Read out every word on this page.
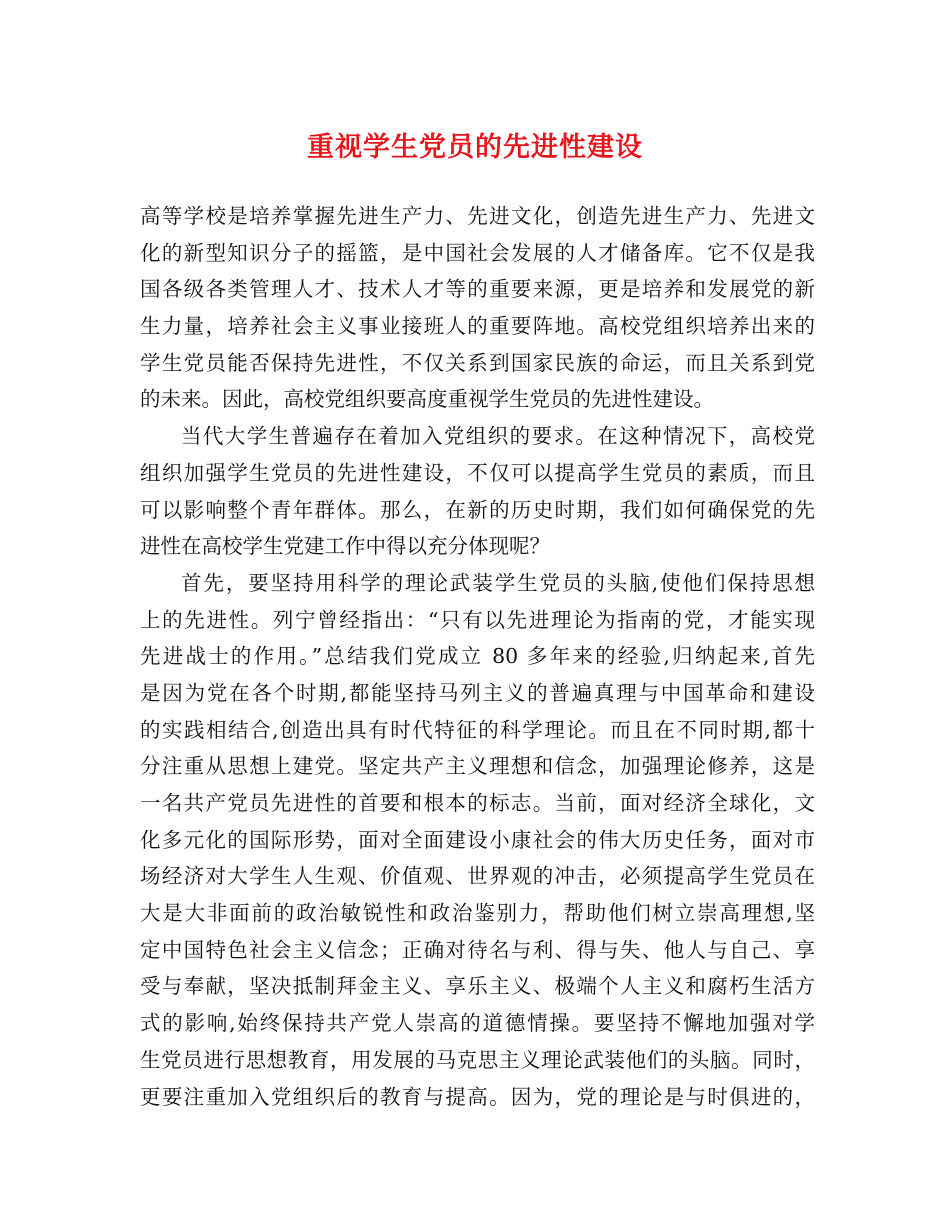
重视学生党员的先进性建设
高等学校是培养掌握先进生产力、先进文化，创造先进生产力、先进文
化的新型知识分子的摇篮，是中国社会发展的人才储备库。它不仅是我
国各级各类管理人才、技术人才等的重要来源，更是培养和发展党的新
生力量，培养社会主义事业接班人的重要阵地。高校党组织培养出来的
学生党员能否保持先进性，不仅关系到国家民族的命运，而且关系到党
的未来。因此，高校党组织要高度重视学生党员的先进性建设。
当代大学生普遍存在着加入党组织的要求。在这种情况下，高校党
组织加强学生党员的先进性建设，不仅可以提高学生党员的素质，而且
可以影响整个青年群体。那么，在新的历史时期，我们如何确保党的先
进性在高校学生党建工作中得以充分体现呢？
首先，要坚持用科学的理论武装学生党员的头脑,使他们保持思想
上的先进性。列宁曾经指出：“只有以先进理论为指南的党，才能实现
先进战士的作用。”总结我们党成立 80 多年来的经验,归纳起来,首先
是因为党在各个时期,都能坚持马列主义的普遍真理与中国革命和建设
的实践相结合,创造出具有时代特征的科学理论。而且在不同时期,都十
分注重从思想上建党。坚定共产主义理想和信念，加强理论修养，这是
一名共产党员先进性的首要和根本的标志。当前，面对经济全球化，文
化多元化的国际形势，面对全面建设小康社会的伟大历史任务，面对市
场经济对大学生人生观、价值观、世界观的冲击，必须提高学生党员在
大是大非面前的政治敏锐性和政治鉴别力，帮助他们树立崇高理想,坚
定中国特色社会主义信念；正确对待名与利、得与失、他人与自己、享
受与奉献，坚决抵制拜金主义、享乐主义、极端个人主义和腐朽生活方
式的影响,始终保持共产党人崇高的道德情操。要坚持不懈地加强对学
生党员进行思想教育，用发展的马克思主义理论武装他们的头脑。同时，
更要注重加入党组织后的教育与提高。因为，党的理论是与时俱进的，
